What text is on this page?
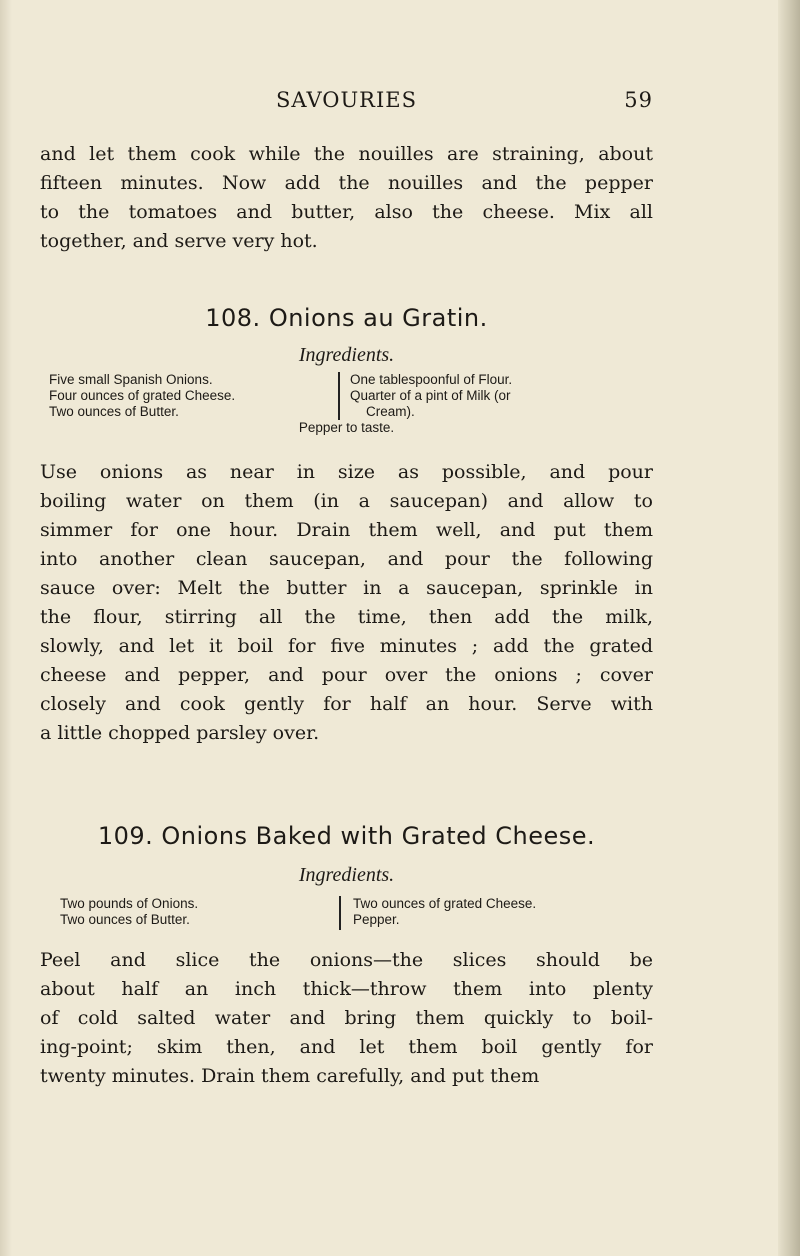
SAVOURIES	59
and let them cook while the nouilles are straining, about
fifteen minutes. Now add the nouilles and the pepper
to the tomatoes and butter, also the cheese. Mix all
together, and serve very hot.
108. Onions au Gratin.
Ingredients.
Five small Spanish Onions.
Four ounces of grated Cheese.
Two ounces of Butter.
One tablespoonful of Flour.
Quarter of a pint of Milk (or
Cream).
Pepper to taste.
Use onions as near in size as possible, and pour
boiling water on them (in a saucepan) and allow to
simmer for one hour. Drain them well, and put them
into another clean saucepan, and pour the following
sauce over: Melt the butter in a saucepan, sprinkle in
the flour, stirring all the time, then add the milk,
slowly, and let it boil for five minutes ; add the grated
cheese and pepper, and pour over the onions ; cover
closely and cook gently for half an hour. Serve with
a little chopped parsley over.
109. Onions Baked with Grated Cheese.
Ingredients.
Two pounds of Onions.
Two ounces of Butter.
Two ounces of grated Cheese.
Pepper.
Peel and slice the onions—the slices should be
about half an inch thick—throw them into plenty
of cold salted water and bring them quickly to boil-
ing-point; skim then, and let them boil gently for
twenty minutes. Drain them carefully, and put them
